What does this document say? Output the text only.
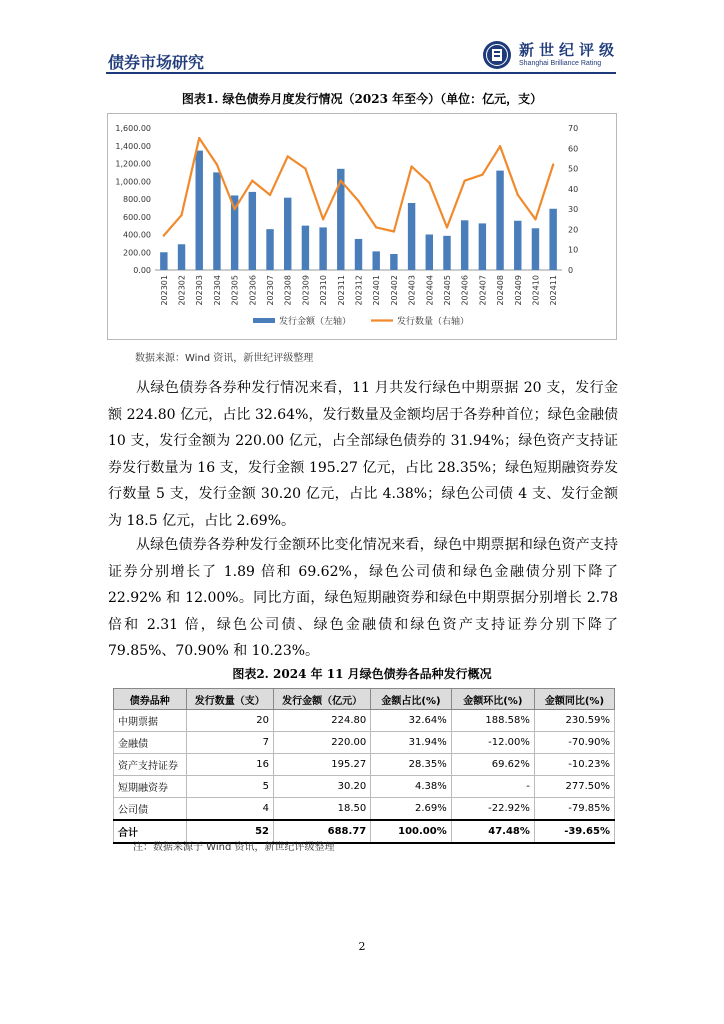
债券市场研究
新世纪评级
Shanghai Brilliance Rating
图表1. 绿色债券月度发行情况（2023 年至今）（单位：亿元，支）
0.00
200.00
400.00
600.00
800.00
1,000.00
1,200.00
1,400.00
1,600.00
0
10
20
30
40
50
60
70
202301 202302 202303 202304 202305 202306 202307 202308 202309 202310 202311 202312 202401 202402 202403 202404 202405 202406 202407 202408 202409 202410 202411
发行金额（左轴）	发行数量（右轴）
数据来源：Wind 资讯，新世纪评级整理
从绿色债券各券种发行情况来看，11 月共发行绿色中期票据 20 支，发行金额 224.80 亿元，占比 32.64%，发行数量及金额均居于各券种首位；绿色金融债 10 支，发行金额为 220.00 亿元，占全部绿色债券的 31.94%；绿色资产支持证券发行数量为 16 支，发行金额 195.27 亿元，占比 28.35%；绿色短期融资券发行数量 5 支，发行金额 30.20 亿元，占比 4.38%；绿色公司债 4 支、发行金额为 18.5 亿元，占比 2.69%。
从绿色债券各券种发行金额环比变化情况来看，绿色中期票据和绿色资产支持证券分别增长了 1.89 倍和 69.62%，绿色公司债和绿色金融债分别下降了 22.92% 和 12.00%。同比方面，绿色短期融资券和绿色中期票据分别增长 2.78 倍和 2.31 倍，绿色公司债、绿色金融债和绿色资产支持证券分别下降了 79.85%、70.90% 和 10.23%。
图表2. 2024 年 11 月绿色债券各品种发行概况
债券品种	发行数量（支）	发行金额（亿元）	金额占比(%)	金额环比(%)	金额同比(%)
中期票据	20	224.80	32.64%	188.58%	230.59%
金融债	7	220.00	31.94%	-12.00%	-70.90%
资产支持证券	16	195.27	28.35%	69.62%	-10.23%
短期融资券	5	30.20	4.38%	-	277.50%
公司债	4	18.50	2.69%	-22.92%	-79.85%
合计	52	688.77	100.00%	47.48%	-39.65%
注：数据来源于 Wind 资讯，新世纪评级整理
2
